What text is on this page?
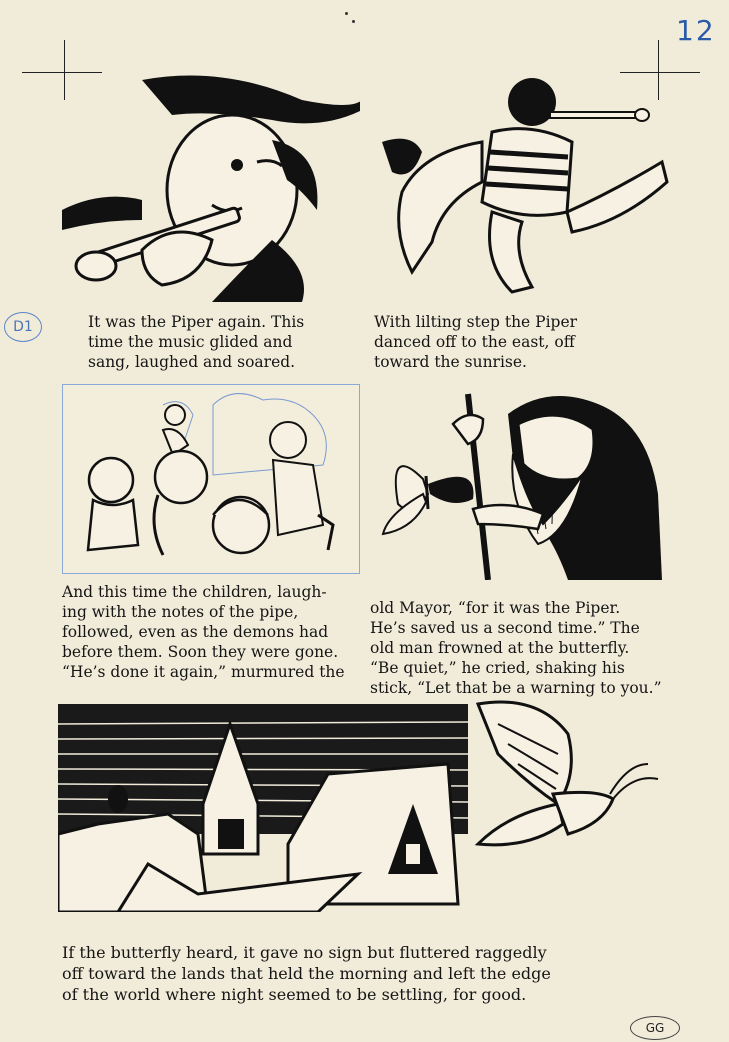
12
D1	It was the Piper again. This
time the music glided and
sang, laughed and soared.
With lilting step the Piper
danced off to the east, off
toward the sunrise.
And this time the children, laugh-
ing with the notes of the pipe,
followed, even as the demons had
before them. Soon they were gone.
“He’s done it again,” murmured the
old Mayor, “for it was the Piper.
He’s saved us a second time.” The
old man frowned at the butterfly.
“Be quiet,” he cried, shaking his
stick, “Let that be a warning to you.”
If the butterfly heard, it gave no sign but fluttered raggedly
off toward the lands that held the morning and left the edge
of the world where night seemed to be settling, for good.
GG
